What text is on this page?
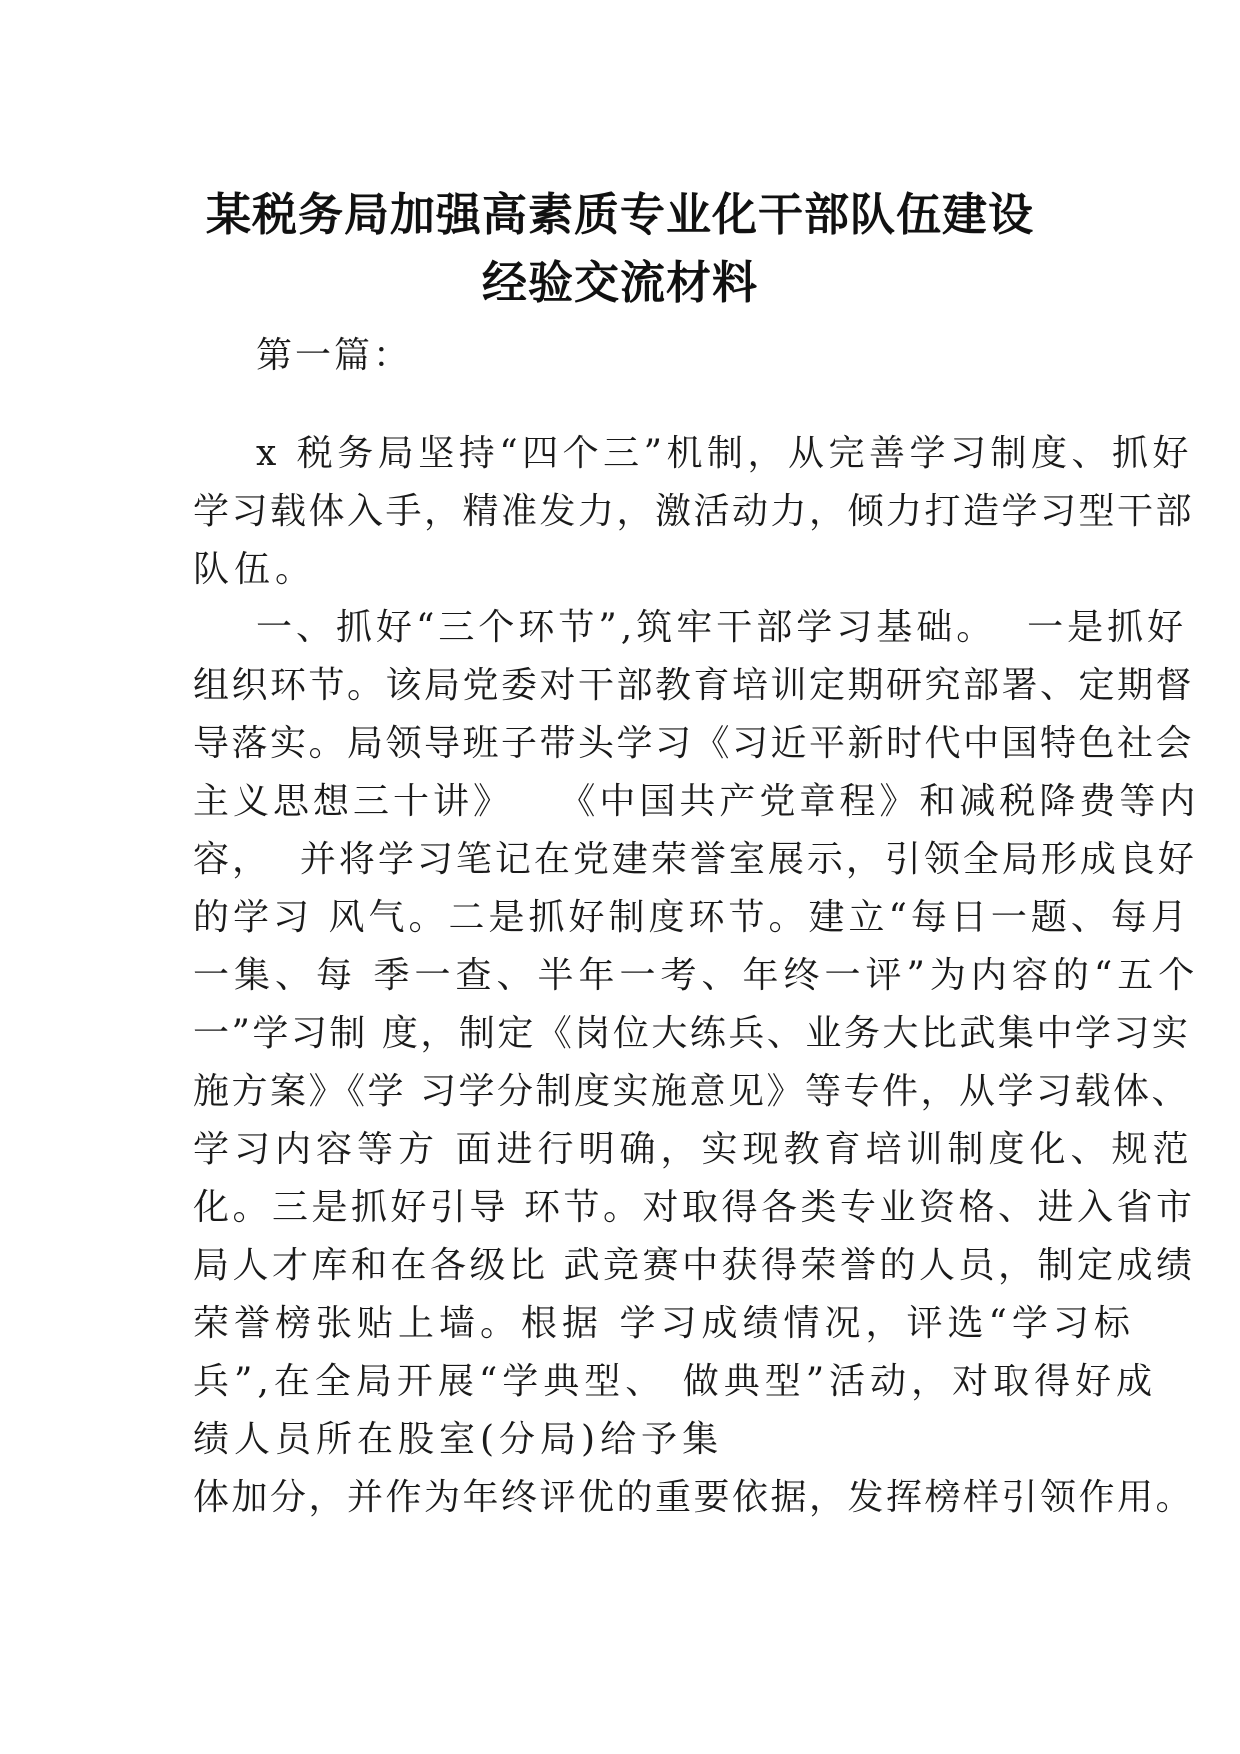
某税务局加强高素质专业化干部队伍建设
经验交流材料

第一篇：

x 税务局坚持“四个三”机制，从完善学习制度、抓好

学习载体入手，精准发力，激活动力，倾力打造学习型干部

队伍。

一、抓好“三个环节”,筑牢干部学习基础。  一是抓好

组织环节。该局党委对干部教育培训定期研究部署、定期督

导落实。局领导班子带头学习《习近平新时代中国特色社会

主义思想三十讲》   《中国共产党章程》和减税降费等内

容，  并将学习笔记在党建荣誉室展示，引领全局形成良好

的学习 风气。二是抓好制度环节。建立“每日一题、每月

一集、每 季一查、半年一考、年终一评”为内容的“五个

一”学习制 度，制定《岗位大练兵、业务大比武集中学习实

施方案》《学 习学分制度实施意见》等专件，从学习载体、

学习内容等方 面进行明确，实现教育培训制度化、规范

化。三是抓好引导 环节。对取得各类专业资格、进入省市

局人才库和在各级比 武竞赛中获得荣誉的人员，制定成绩

荣誉榜张贴上墙。根据 学习成绩情况，评选“学习标

兵”,在全局开展“学典型、 做典型”活动，对取得好成

绩人员所在股室(分局)给予集

体加分，并作为年终评优的重要依据，发挥榜样引领作用。
